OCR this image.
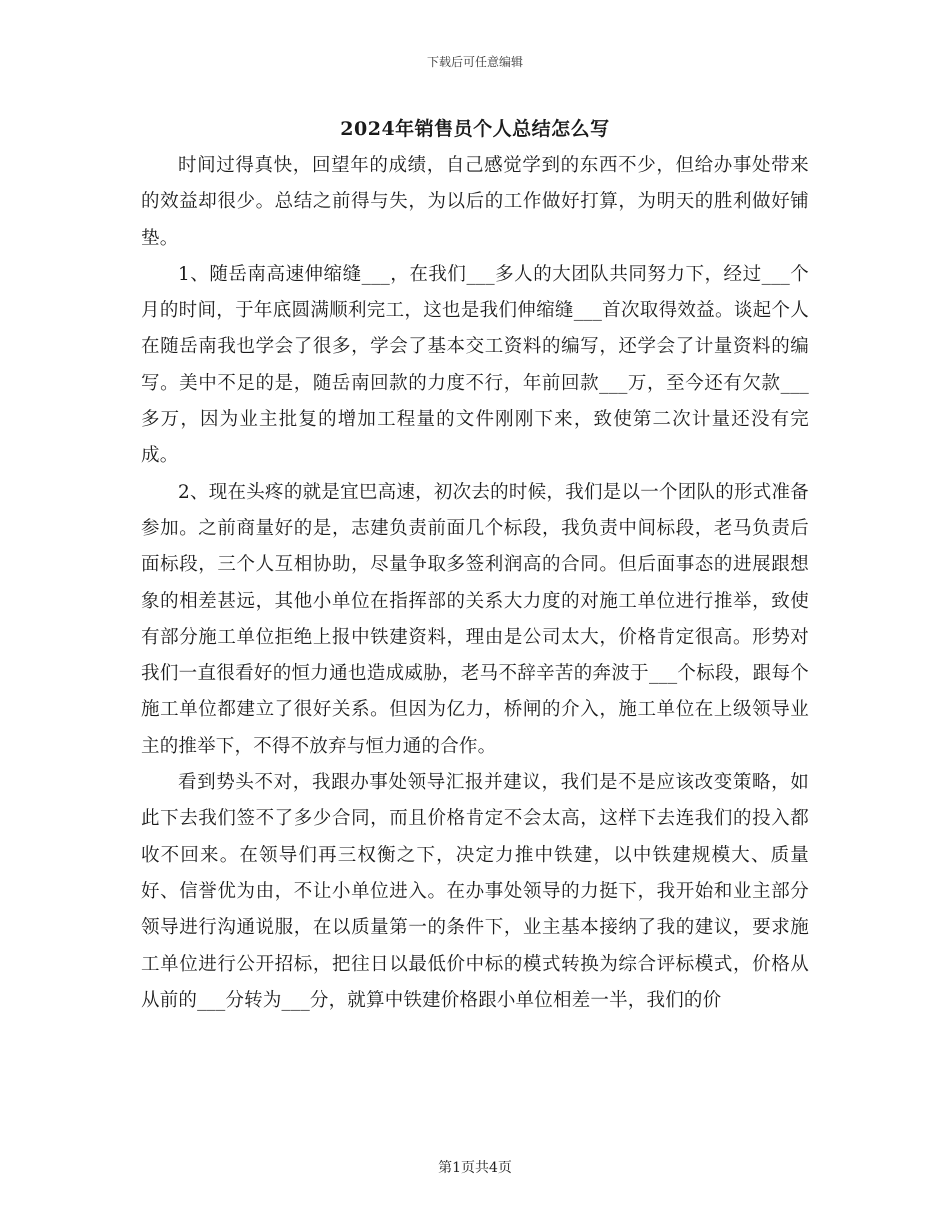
下载后可任意编辑
2024年销售员个人总结怎么写

时间过得真快，回望年的成绩，自己感觉学到的东西不少，但给办事处带来的效益却很少。总结之前得与失，为以后的工作做好打算，为明天的胜利做好铺垫。

1、随岳南高速伸缩缝___，在我们___多人的大团队共同努力下，经过___个月的时间，于年底圆满顺利完工，这也是我们伸缩缝___首次取得效益。谈起个人在随岳南我也学会了很多，学会了基本交工资料的编写，还学会了计量资料的编写。美中不足的是，随岳南回款的力度不行，年前回款___万，至今还有欠款___多万，因为业主批复的增加工程量的文件刚刚下来，致使第二次计量还没有完成。

2、现在头疼的就是宜巴高速，初次去的时候，我们是以一个团队的形式准备参加。之前商量好的是，志建负责前面几个标段，我负责中间标段，老马负责后面标段，三个人互相协助，尽量争取多签利润高的合同。但后面事态的进展跟想象的相差甚远，其他小单位在指挥部的关系大力度的对施工单位进行推举，致使有部分施工单位拒绝上报中铁建资料，理由是公司太大，价格肯定很高。形势对我们一直很看好的恒力通也造成威胁，老马不辞辛苦的奔波于___个标段，跟每个施工单位都建立了很好关系。但因为亿力，桥闸的介入，施工单位在上级领导业主的推举下，不得不放弃与恒力通的合作。

看到势头不对，我跟办事处领导汇报并建议，我们是不是应该改变策略，如此下去我们签不了多少合同，而且价格肯定不会太高，这样下去连我们的投入都收不回来。在领导们再三权衡之下，决定力推中铁建，以中铁建规模大、质量好、信誉优为由，不让小单位进入。在办事处领导的力挺下，我开始和业主部分领导进行沟通说服，在以质量第一的条件下，业主基本接纳了我的建议，要求施工单位进行公开招标，把往日以最低价中标的模式转换为综合评标模式，价格从从前的___分转为___分，就算中铁建价格跟小单位相差一半，我们的价

第1页共4页
